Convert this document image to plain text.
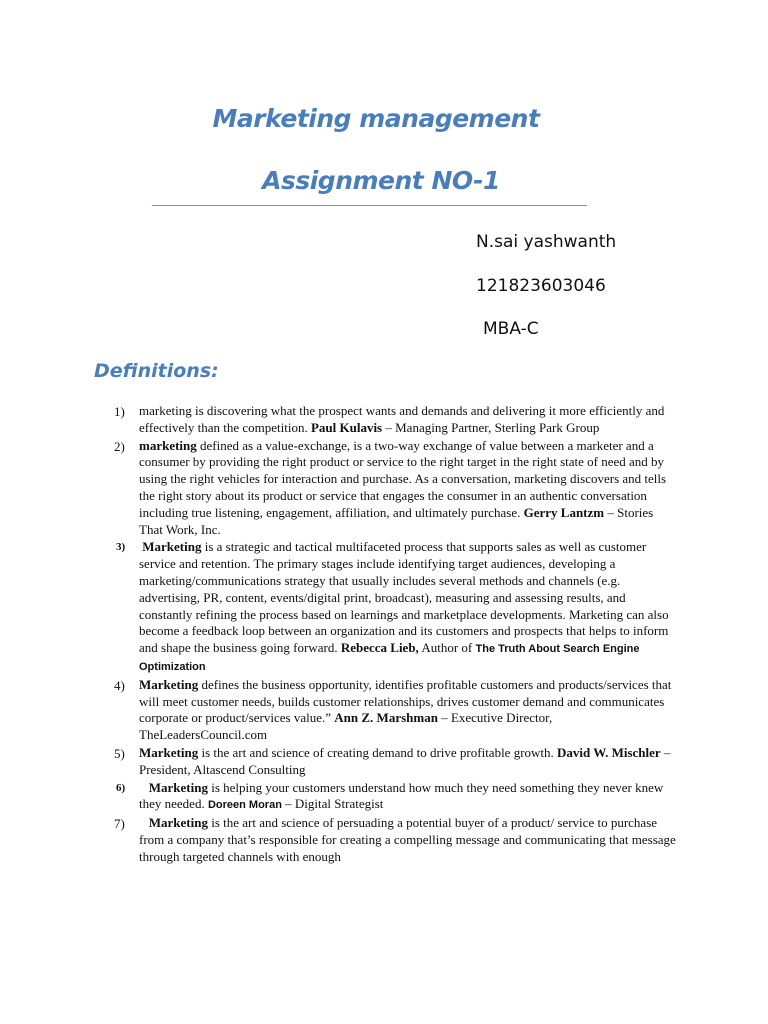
Marketing management
Assignment NO-1
N.sai yashwanth
121823603046
MBA-C
Definitions:
1) marketing is discovering what the prospect wants and demands and delivering it more efficiently and effectively than the competition. Paul Kulavis – Managing Partner, Sterling Park Group
2) marketing defined as a value-exchange, is a two-way exchange of value between a marketer and a consumer by providing the right product or service to the right target in the right state of need and by using the right vehicles for interaction and purchase. As a conversation, marketing discovers and tells the right story about its product or service that engages the consumer in an authentic conversation including true listening, engagement, affiliation, and ultimately purchase. Gerry Lantzm – Stories That Work, Inc.
3) Marketing is a strategic and tactical multifaceted process that supports sales as well as customer service and retention. The primary stages include identifying target audiences, developing a marketing/communications strategy that usually includes several methods and channels (e.g. advertising, PR, content, events/digital print, broadcast), measuring and assessing results, and constantly refining the process based on learnings and marketplace developments. Marketing can also become a feedback loop between an organization and its customers and prospects that helps to inform and shape the business going forward. Rebecca Lieb, Author of The Truth About Search Engine Optimization
4) Marketing defines the business opportunity, identifies profitable customers and products/services that will meet customer needs, builds customer relationships, drives customer demand and communicates corporate or product/services value.” Ann Z. Marshman – Executive Director, TheLeadersCouncil.com
5) Marketing is the art and science of creating demand to drive profitable growth. David W. Mischler – President, Altascend Consulting
6)	Marketing is helping your customers understand how much they need something they never knew they needed. Doreen Moran – Digital Strategist
7)	Marketing is the art and science of persuading a potential buyer of a product/ service to purchase from a company that’s responsible for creating a compelling message and communicating that message through targeted channels with enough
